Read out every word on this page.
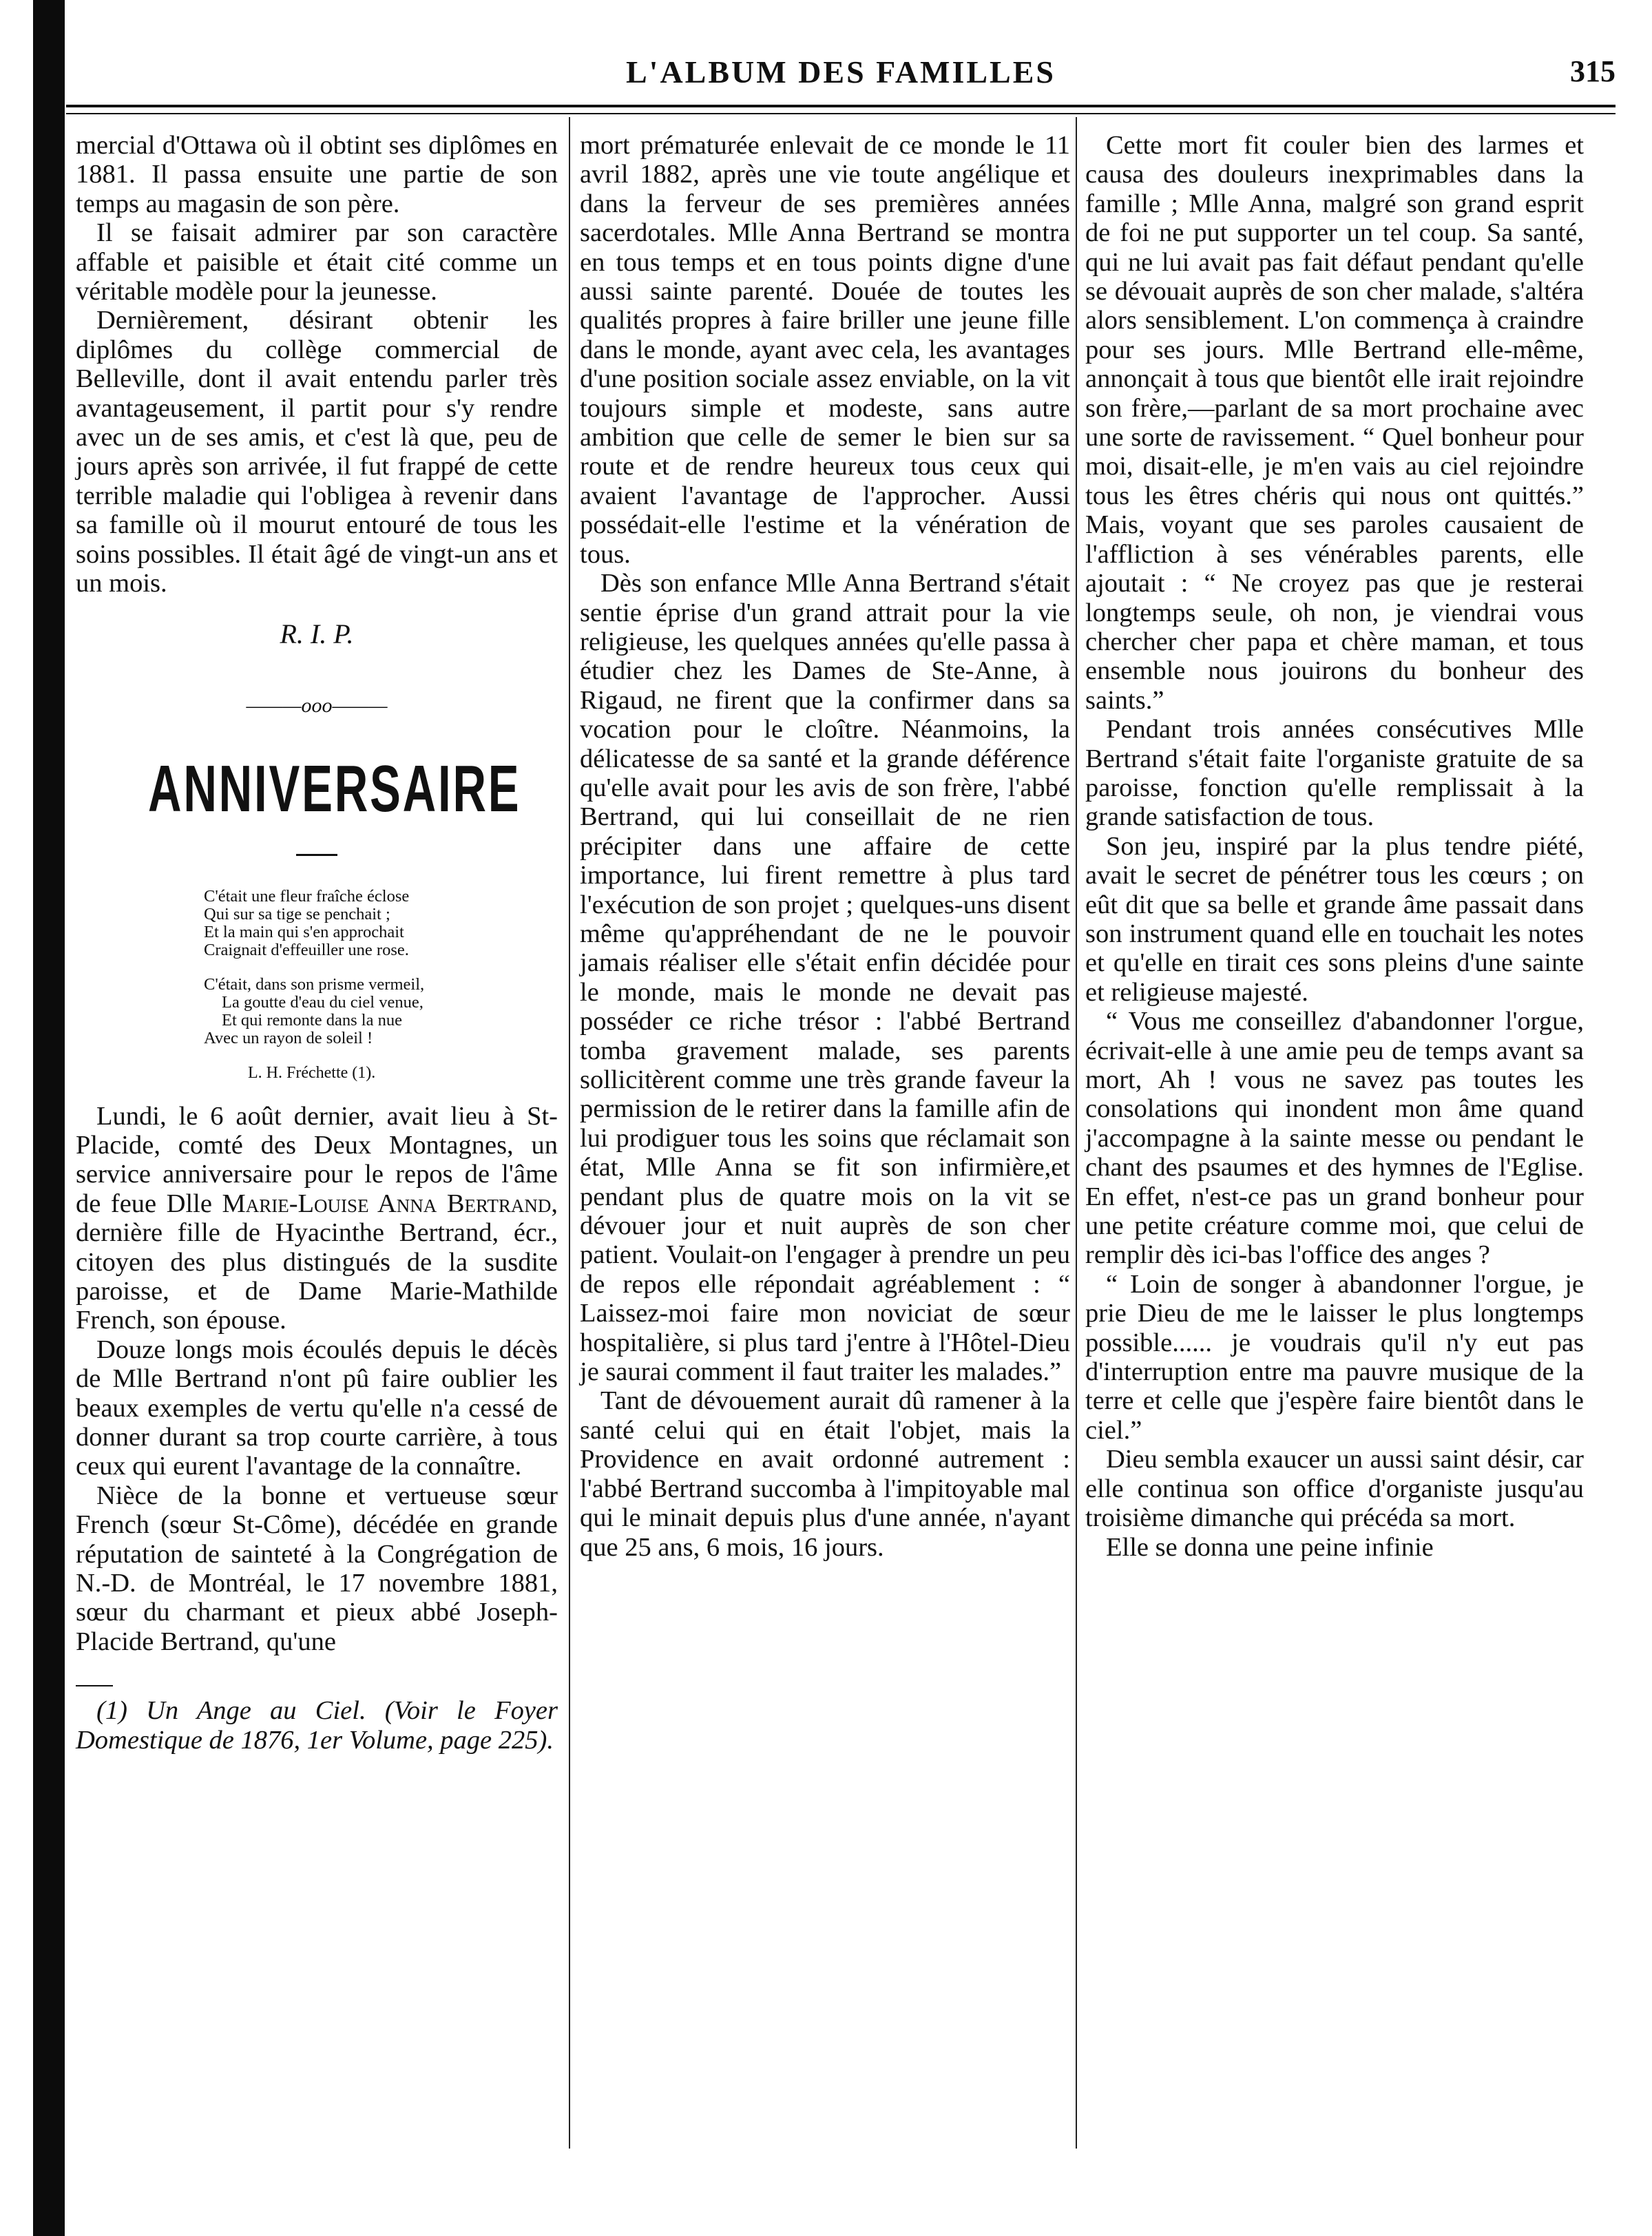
L'ALBUM DES FAMILLES	315

mercial d'Ottawa où il obtint ses diplômes en 1881. Il passa ensuite une partie de son temps au magasin de son père.

Il se faisait admirer par son caractère affable et paisible et était cité comme un véritable modèle pour la jeunesse.

Dernièrement, désirant obtenir les diplômes du collège commercial de Belleville, dont il avait entendu parler très avantageusement, il partit pour s'y rendre avec un de ses amis, et c'est là que, peu de jours après son arrivée, il fut frappé de cette terrible maladie qui l'obligea à revenir dans sa famille où il mourut entouré de tous les soins possibles. Il était âgé de vingt-un ans et un mois.

R. I. P.
———ooo———
ANNIVERSAIRE
C'était une fleur fraîche éclose
Qui sur sa tige se penchait ;
Et la main qui s'en approchait
Craignait d'effeuiller une rose.
C'était, dans son prisme vermeil,
La goutte d'eau du ciel venue,
Et qui remonte dans la nue
Avec un rayon de soleil !
L. H. Fréchette (1).

Lundi, le 6 août dernier, avait lieu à St-Placide, comté des Deux Montagnes, un service anniversaire pour le repos de l'âme de feue Dlle Marie-Louise Anna Bertrand, dernière fille de Hyacinthe Bertrand, écr., citoyen des plus distingués de la susdite paroisse, et de Dame Marie-Mathilde French, son épouse.

Douze longs mois écoulés depuis le décès de Mlle Bertrand n'ont pû faire oublier les beaux exemples de vertu qu'elle n'a cessé de donner durant sa trop courte carrière, à tous ceux qui eurent l'avantage de la connaître.

Nièce de la bonne et vertueuse sœur French (sœur St-Côme), décédée en grande réputation de sainteté à la Congrégation de N.-D. de Montréal, le 17 novembre 1881, sœur du charmant et pieux abbé Joseph-Placide Bertrand, qu'une

(1) Un Ange au Ciel. (Voir le Foyer Domestique de 1876, 1er Volume, page 225).

mort prématurée enlevait de ce monde le 11 avril 1882, après une vie toute angélique et dans la ferveur de ses premières années sacerdotales. Mlle Anna Bertrand se montra en tous temps et en tous points digne d'une aussi sainte parenté. Douée de toutes les qualités propres à faire briller une jeune fille dans le monde, ayant avec cela, les avantages d'une position sociale assez enviable, on la vit toujours simple et modeste, sans autre ambition que celle de semer le bien sur sa route et de rendre heureux tous ceux qui avaient l'avantage de l'approcher. Aussi possédait-elle l'estime et la vénération de tous.

Dès son enfance Mlle Anna Bertrand s'était sentie éprise d'un grand attrait pour la vie religieuse, les quelques années qu'elle passa à étudier chez les Dames de Ste-Anne, à Rigaud, ne firent que la confirmer dans sa vocation pour le cloître. Néanmoins, la délicatesse de sa santé et la grande déférence qu'elle avait pour les avis de son frère, l'abbé Bertrand, qui lui conseillait de ne rien précipiter dans une affaire de cette importance, lui firent remettre à plus tard l'exécution de son projet ; quelques-uns disent même qu'appréhendant de ne le pouvoir jamais réaliser elle s'était enfin décidée pour le monde, mais le monde ne devait pas posséder ce riche trésor : l'abbé Bertrand tomba gravement malade, ses parents sollicitèrent comme une très grande faveur la permission de le retirer dans la famille afin de lui prodiguer tous les soins que réclamait son état, Mlle Anna se fit son infirmière,et pendant plus de quatre mois on la vit se dévouer jour et nuit auprès de son cher patient. Voulait-on l'engager à prendre un peu de repos elle répondait agréablement : “ Laissez-moi faire mon noviciat de sœur hospitalière, si plus tard j'entre à l'Hôtel-Dieu je saurai comment il faut traiter les malades.”

Tant de dévouement aurait dû ramener à la santé celui qui en était l'objet, mais la Providence en avait ordonné autrement : l'abbé Bertrand succomba à l'impitoyable mal qui le minait depuis plus d'une année, n'ayant que 25 ans, 6 mois, 16 jours.

Cette mort fit couler bien des larmes et causa des douleurs inexprimables dans la famille ; Mlle Anna, malgré son grand esprit de foi ne put supporter un tel coup. Sa santé, qui ne lui avait pas fait défaut pendant qu'elle se dévouait auprès de son cher malade, s'altéra alors sensiblement. L'on commença à craindre pour ses jours. Mlle Bertrand elle-même, annonçait à tous que bientôt elle irait rejoindre son frère,—parlant de sa mort prochaine avec une sorte de ravissement. “ Quel bonheur pour moi, disait-elle, je m'en vais au ciel rejoindre tous les êtres chéris qui nous ont quittés.” Mais, voyant que ses paroles causaient de l'affliction à ses vénérables parents, elle ajoutait : “ Ne croyez pas que je resterai longtemps seule, oh non, je viendrai vous chercher cher papa et chère maman, et tous ensemble nous jouirons du bonheur des saints.”

Pendant trois années consécutives Mlle Bertrand s'était faite l'organiste gratuite de sa paroisse, fonction qu'elle remplissait à la grande satisfaction de tous.

Son jeu, inspiré par la plus tendre piété, avait le secret de pénétrer tous les cœurs ; on eût dit que sa belle et grande âme passait dans son instrument quand elle en touchait les notes et qu'elle en tirait ces sons pleins d'une sainte et religieuse majesté.

“ Vous me conseillez d'abandonner l'orgue, écrivait-elle à une amie peu de temps avant sa mort, Ah ! vous ne savez pas toutes les consolations qui inondent mon âme quand j'accompagne à la sainte messe ou pendant le chant des psaumes et des hymnes de l'Eglise. En effet, n'est-ce pas un grand bonheur pour une petite créature comme moi, que celui de remplir dès ici-bas l'office des anges ?

“ Loin de songer à abandonner l'orgue, je prie Dieu de me le laisser le plus longtemps possible...... je voudrais qu'il n'y eut pas d'interruption entre ma pauvre musique de la terre et celle que j'espère faire bientôt dans le ciel.”

Dieu sembla exaucer un aussi saint désir, car elle continua son office d'organiste jusqu'au troisième dimanche qui précéda sa mort.

Elle se donna une peine infinie
